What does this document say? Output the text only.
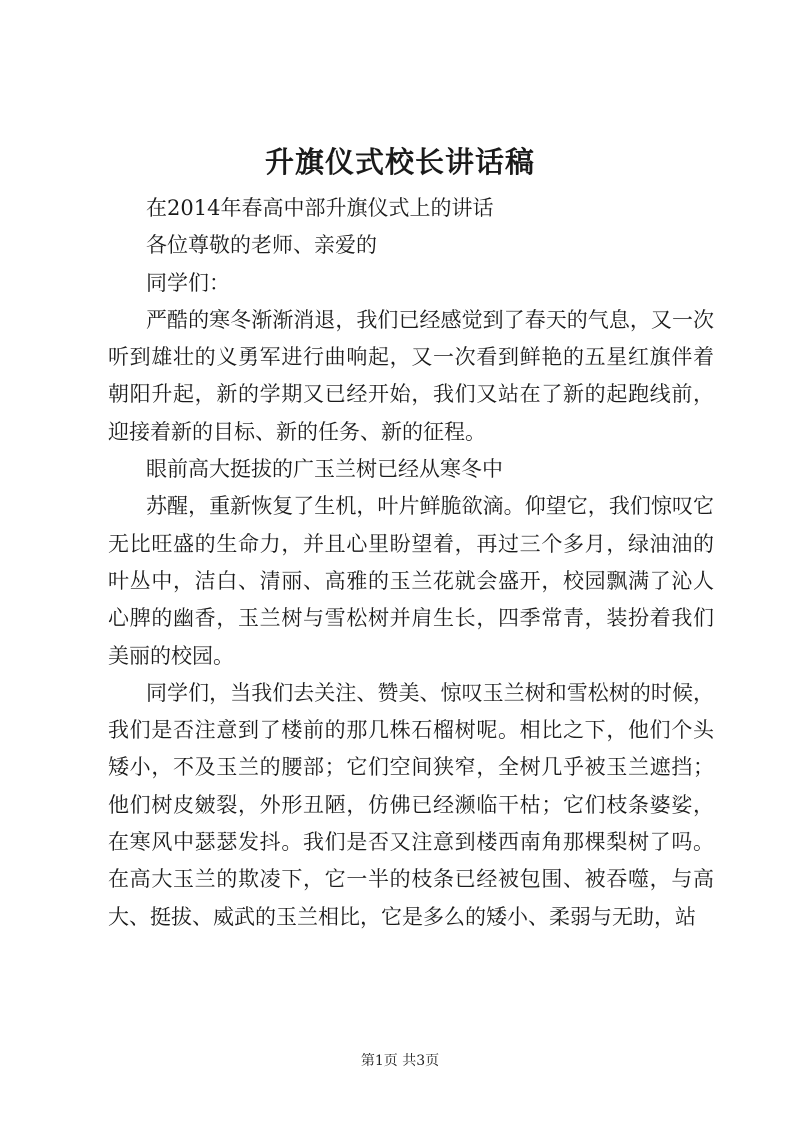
升旗仪式校长讲话稿

在2014年春高中部升旗仪式上的讲话

各位尊敬的老师、亲爱的

同学们：

严酷的寒冬渐渐消退，我们已经感觉到了春天的气息，又一次听到雄壮的义勇军进行曲响起，又一次看到鲜艳的五星红旗伴着朝阳升起，新的学期又已经开始，我们又站在了新的起跑线前，迎接着新的目标、新的任务、新的征程。

眼前高大挺拔的广玉兰树已经从寒冬中

苏醒，重新恢复了生机，叶片鲜脆欲滴。仰望它，我们惊叹它无比旺盛的生命力，并且心里盼望着，再过三个多月，绿油油的叶丛中，洁白、清丽、高雅的玉兰花就会盛开，校园飘满了沁人心脾的幽香，玉兰树与雪松树并肩生长，四季常青，装扮着我们美丽的校园。

同学们，当我们去关注、赞美、惊叹玉兰树和雪松树的时候，我们是否注意到了楼前的那几株石榴树呢。相比之下，他们个头矮小，不及玉兰的腰部；它们空间狭窄，全树几乎被玉兰遮挡；他们树皮皴裂，外形丑陋，仿佛已经濒临干枯；它们枝条婆娑，在寒风中瑟瑟发抖。我们是否又注意到楼西南角那棵梨树了吗。在高大玉兰的欺凌下，它一半的枝条已经被包围、被吞噬，与高大、挺拔、威武的玉兰相比，它是多么的矮小、柔弱与无助，站

第1页 共3页
